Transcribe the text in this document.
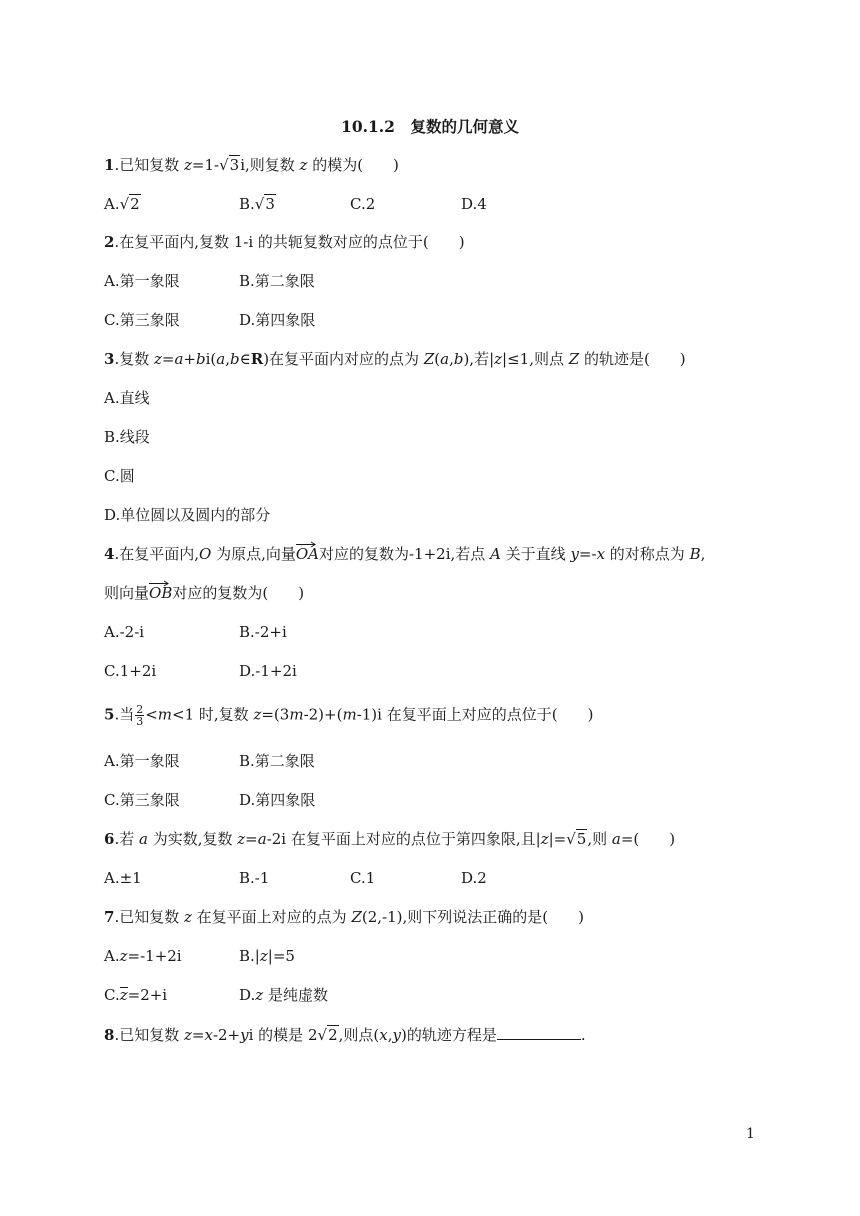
10.1.2　复数的几何意义
1.已知复数 z=1-√3i,则复数 z 的模为(　　)
A.√2	B.√3	C.2	D.4
2.在复平面内,复数 1-i 的共轭复数对应的点位于(　　)
A.第一象限	B.第二象限
C.第三象限	D.第四象限
3.复数 z=a+bi(a,b∈R)在复平面内对应的点为 Z(a,b),若|z|≤1,则点 Z 的轨迹是(　　)
A.直线
B.线段
C.圆
D.单位圆以及圆内的部分
4.在复平面内,O 为原点,向量
OA对应的复数为-1+2i,若点 A 关于直线 y=-x 的对称点为 B,
则向量
OB对应的复数为(　　)
A.-2-i	B.-2+i
C.1+2i	D.-1+2i
5.当 $\frac{2}{3} <m<1$ 时,复数 z=(3m-2)+(m-1)i 在复平面上对应的点位于(　　)
A.第一象限	B.第二象限
C.第三象限	D.第四象限
6.若 a 为实数,复数 z=a-2i 在复平面上对应的点位于第四象限,且|z|=√5,则 a=(　　)
A.±1	B.-1	C.1	D.2
7.已知复数 z 在复平面上对应的点为 Z(2,-1),则下列说法正确的是(　　)
A.z=-1+2i	B.|z|=5
C.z=2+i	D.z 是纯虚数
8.已知复数 z=x-2+yi 的模是 2√2,则点(x,y)的轨迹方程是	.
1
